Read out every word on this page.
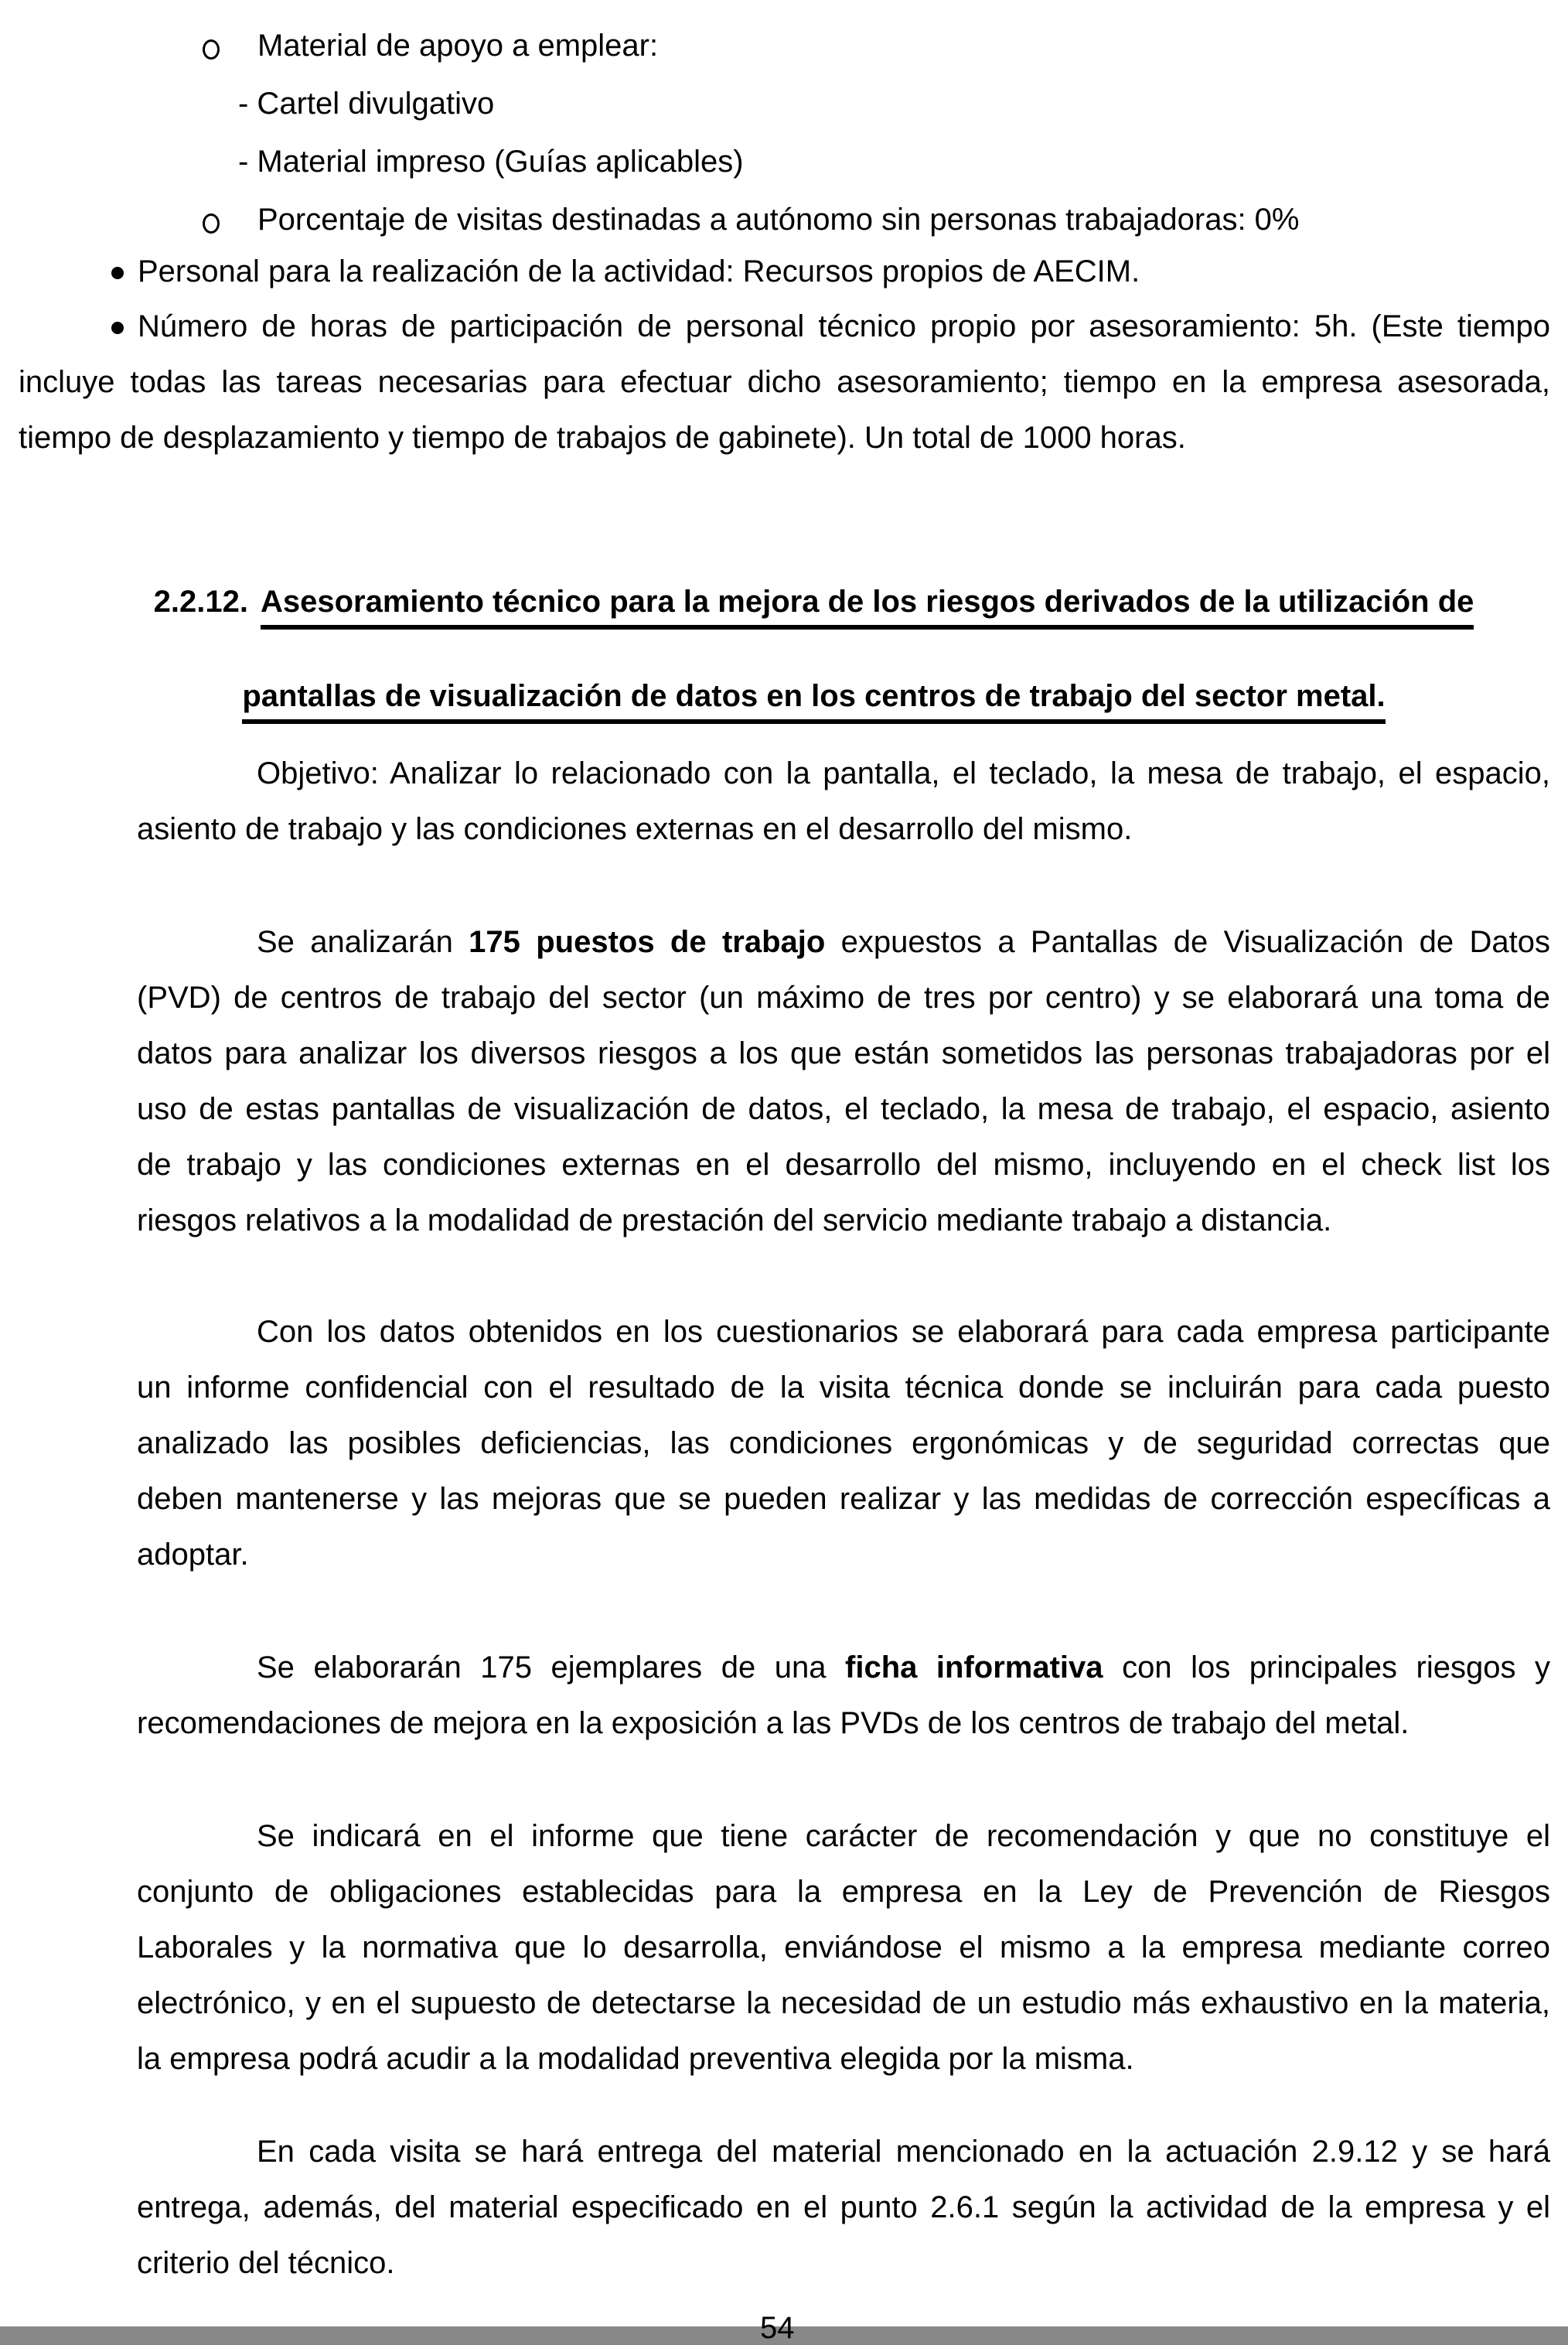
Material de apoyo a emplear:
- Cartel divulgativo
- Material impreso (Guías aplicables)
Porcentaje de visitas destinadas a autónomo sin personas trabajadoras: 0%
Personal para la realización de la actividad: Recursos propios de AECIM.
Número de horas de participación de personal técnico propio por asesoramiento: 5h. (Este tiempo
incluye todas las tareas necesarias para efectuar dicho asesoramiento; tiempo en la empresa asesorada,
tiempo de desplazamiento y tiempo de trabajos de gabinete). Un total de 1000 horas.
2.2.12. Asesoramiento técnico para la mejora de los riesgos derivados de la utilización de
pantallas de visualización de datos en los centros de trabajo del sector metal.
Objetivo: Analizar lo relacionado con la pantalla, el teclado, la mesa de trabajo, el espacio,
asiento de trabajo y las condiciones externas en el desarrollo del mismo.
Se analizarán 175 puestos de trabajo expuestos a Pantallas de Visualización de Datos
(PVD) de centros de trabajo del sector (un máximo de tres por centro) y se elaborará una toma de
datos para analizar los diversos riesgos a los que están sometidos las personas trabajadoras por el
uso de estas pantallas de visualización de datos, el teclado, la mesa de trabajo, el espacio, asiento
de trabajo y las condiciones externas en el desarrollo del mismo, incluyendo en el check list los
riesgos relativos a la modalidad de prestación del servicio mediante trabajo a distancia.
Con los datos obtenidos en los cuestionarios se elaborará para cada empresa participante
un informe confidencial con el resultado de la visita técnica donde se incluirán para cada puesto
analizado las posibles deficiencias, las condiciones ergonómicas y de seguridad correctas que
deben mantenerse y las mejoras que se pueden realizar y las medidas de corrección específicas a
adoptar.
Se elaborarán 175 ejemplares de una ficha informativa con los principales riesgos y
recomendaciones de mejora en la exposición a las PVDs de los centros de trabajo del metal.
Se indicará en el informe que tiene carácter de recomendación y que no constituye el
conjunto de obligaciones establecidas para la empresa en la Ley de Prevención de Riesgos
Laborales y la normativa que lo desarrolla, enviándose el mismo a la empresa mediante correo
electrónico, y en el supuesto de detectarse la necesidad de un estudio más exhaustivo en la materia,
la empresa podrá acudir a la modalidad preventiva elegida por la misma.
En cada visita se hará entrega del material mencionado en la actuación 2.9.12 y se hará
entrega, además, del material especificado en el punto 2.6.1 según la actividad de la empresa y el
criterio del técnico.
54
